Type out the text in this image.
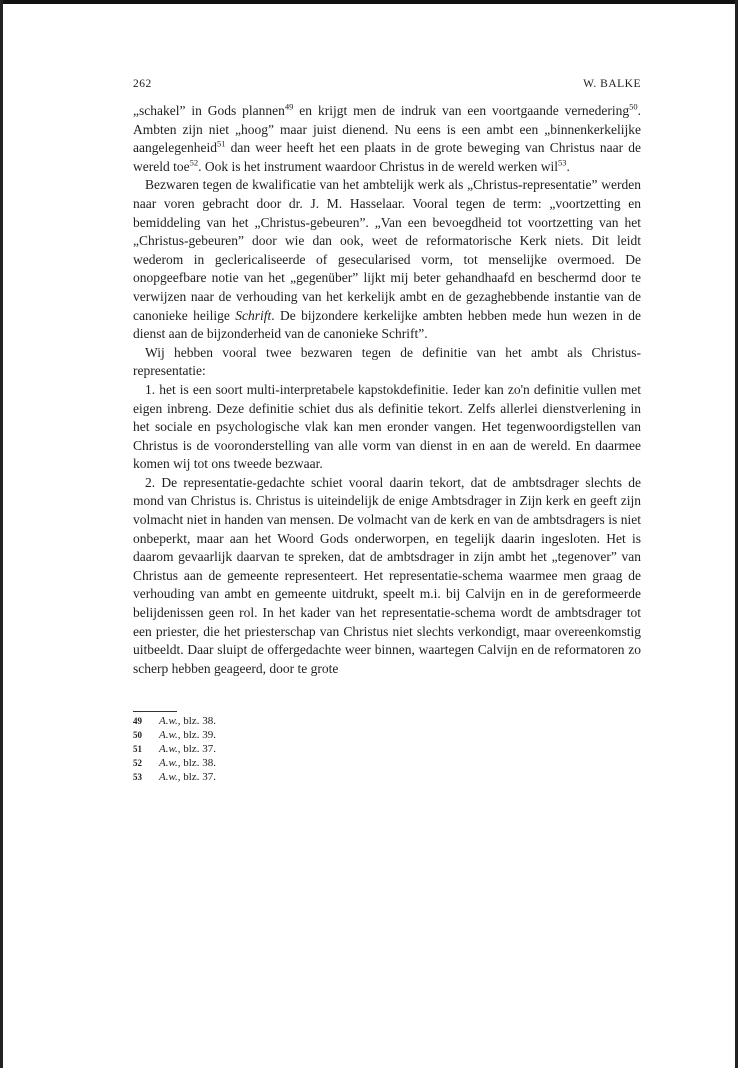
262	W. BALKE

„schakel” in Gods plannen$^{49}$ en krijgt men de indruk van een voortgaande vernedering$^{50}$. Ambten zijn niet „hoog” maar juist dienend. Nu eens is een ambt een „binnenkerkelijke aangelegenheid$^{51}$ dan weer heeft het een plaats in de grote beweging van Christus naar de wereld toe$^{52}$. Ook is het instrument waardoor Christus in de wereld werken wil$^{53}$.

Bezwaren tegen de kwalificatie van het ambtelijk werk als „Christus-representatie” werden naar voren gebracht door dr. J. M. Hasselaar. Vooral tegen de term: „voortzetting en bemiddeling van het „Christus-gebeuren”. „Van een bevoegdheid tot voortzetting van het „Christus-gebeuren” door wie dan ook, weet de reformatorische Kerk niets. Dit leidt wederom in geclericaliseerde of gesecularised vorm, tot menselijke overmoed. De onopgeefbare notie van het „gegenüber” lijkt mij beter gehandhaafd en beschermd door te verwijzen naar de verhouding van het kerkelijk ambt en de gezaghebbende instantie van de canonieke heilige Schrift. De bijzondere kerkelijke ambten hebben mede hun wezen in de dienst aan de bijzonderheid van de canonieke Schrift”.

Wij hebben vooral twee bezwaren tegen de definitie van het ambt als Christus-representatie:

1. het is een soort multi-interpretabele kapstokdefinitie. Ieder kan zo'n definitie vullen met eigen inbreng. Deze definitie schiet dus als definitie tekort. Zelfs allerlei dienstverlening in het sociale en psychologische vlak kan men eronder vangen. Het tegenwoordigstellen van Christus is de vooronderstelling van alle vorm van dienst in en aan de wereld. En daarmee komen wij tot ons tweede bezwaar.

2. De representatie-gedachte schiet vooral daarin tekort, dat de ambtsdrager slechts de mond van Christus is. Christus is uiteindelijk de enige Ambtsdrager in Zijn kerk en geeft zijn volmacht niet in handen van mensen. De volmacht van de kerk en van de ambtsdragers is niet onbeperkt, maar aan het Woord Gods onderworpen, en tegelijk daarin ingesloten. Het is daarom gevaarlijk daarvan te spreken, dat de ambtsdrager in zijn ambt het „tegenover” van Christus aan de gemeente representeert. Het representatie-schema waarmee men graag de verhouding van ambt en gemeente uitdrukt, speelt m.i. bij Calvijn en in de gereformeerde belijdenissen geen rol. In het kader van het representatie-schema wordt de ambtsdrager tot een priester, die het priesterschap van Christus niet slechts verkondigt, maar overeenkomstig uitbeeldt. Daar sluipt de offergedachte weer binnen, waartegen Calvijn en de reformatoren zo scherp hebben geageerd, door te grote

49	A.w., blz. 38.
50	A.w., blz. 39.
51	A.w., blz. 37.
52	A.w., blz. 38.
53	A.w., blz. 37.
